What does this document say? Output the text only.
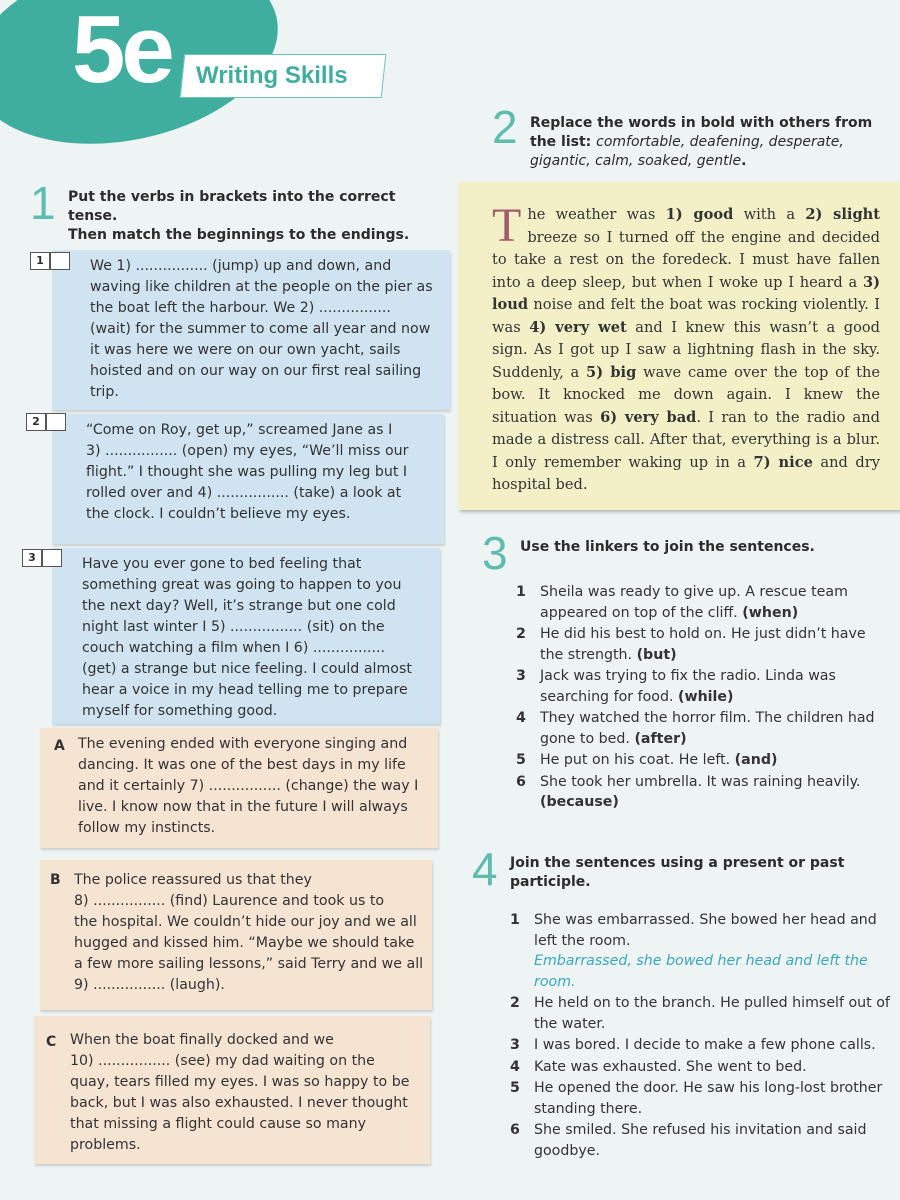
5e Writing Skills
1 Put the verbs in brackets into the correct tense.
Then match the beginnings to the endings.
We 1) ................ (jump) up and down, and
waving like children at the people on the pier as
the boat left the harbour. We 2) ................
(wait) for the summer to come all year and now
it was here we were on our own yacht, sails
hoisted and on our way on our first real sailing
trip.
1
“Come on Roy, get up,” screamed Jane as I
3) ................ (open) my eyes, “We’ll miss our
flight.” I thought she was pulling my leg but I
rolled over and 4) ................ (take) a look at
the clock. I couldn’t believe my eyes.
2
Have you ever gone to bed feeling that
something great was going to happen to you
the next day? Well, it’s strange but one cold
night last winter I 5) ................ (sit) on the
couch watching a film when I 6) ................
(get) a strange but nice feeling. I could almost
hear a voice in my head telling me to prepare
myself for something good.
3
A The evening ended with everyone singing and
dancing. It was one of the best days in my life
and it certainly 7) ................ (change) the way I
live. I know now that in the future I will always
follow my instincts.
B The police reassured us that they
8) ................ (find) Laurence and took us to
the hospital. We couldn’t hide our joy and we all
hugged and kissed him. “Maybe we should take
a few more sailing lessons,” said Terry and we all
9) ................ (laugh).
C When the boat finally docked and we
10) ................ (see) my dad waiting on the
quay, tears filled my eyes. I was so happy to be
back, but I was also exhausted. I never thought
that missing a flight could cause so many
problems.
2 Replace the words in bold with others from
the list: comfortable, deafening, desperate,
gigantic, calm, soaked, gentle.
The weather was 1) good with a 2) slight breeze so I turned off the engine and decided to take a rest on the foredeck. I must have fallen into a deep sleep, but when I woke up I heard a 3) loud noise and felt the boat was rocking violently. I was 4) very wet and I knew this wasn’t a good sign. As I got up I saw a lightning flash in the sky. Suddenly, a 5) big wave came over the top of the bow. It knocked me down again. I knew the situation was 6) very bad. I ran to the radio and made a distress call. After that, everything is a blur. I only remember waking up in a 7) nice and dry hospital bed.
3 Use the linkers to join the sentences.
1 Sheila was ready to give up. A rescue team appeared on top of the cliff. (when)
2 He did his best to hold on. He just didn’t have the strength. (but)
3 Jack was trying to fix the radio. Linda was searching for food. (while)
4 They watched the horror film. The children had gone to bed. (after)
5 He put on his coat. He left. (and)
6 She took her umbrella. It was raining heavily. (because)
4 Join the sentences using a present or past
participle.
1 She was embarrassed. She bowed her head and left the room.
Embarrassed, she bowed her head and left the room.
2 He held on to the branch. He pulled himself out of the water.
3 I was bored. I decide to make a few phone calls.
4 Kate was exhausted. She went to bed.
5 He opened the door. He saw his long-lost brother standing there.
6 She smiled. She refused his invitation and said goodbye.
